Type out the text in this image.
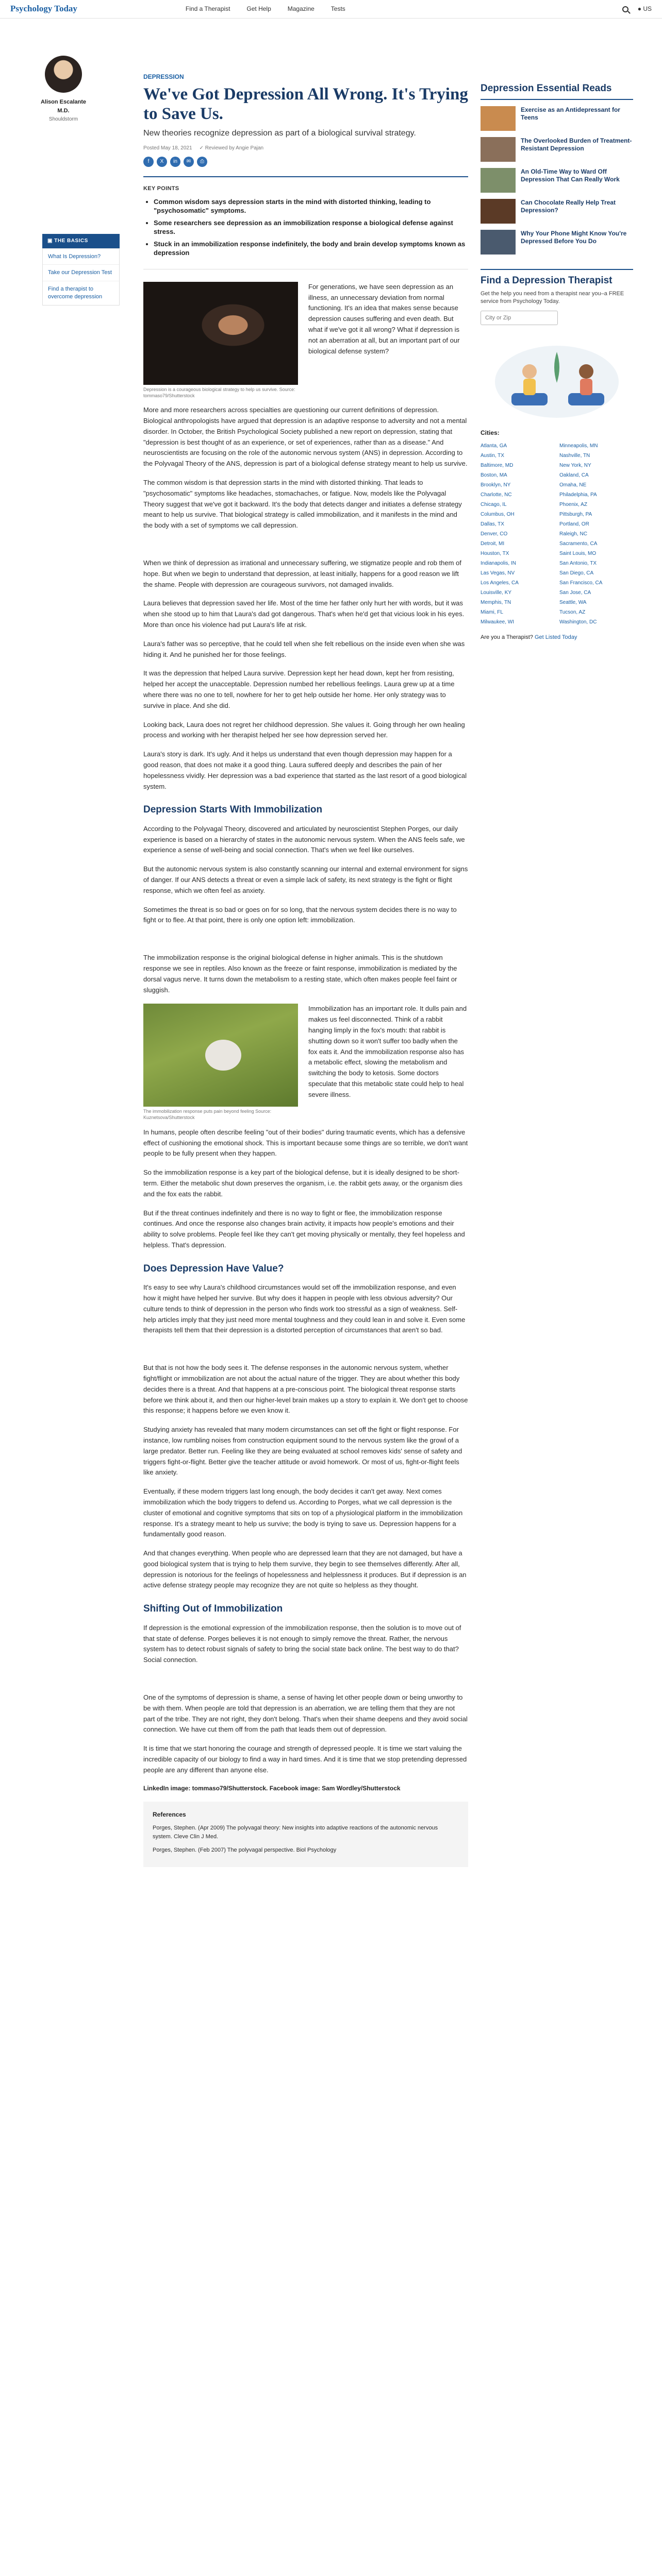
Psychology Today	Find a Therapist	Get Help	Magazine	Tests	● US
Alison Escalante M.D.
Shouldstorm
▣ THE BASICS
What Is Depression?
Take our Depression Test
Find a therapist to overcome depression
DEPRESSION
We've Got Depression All Wrong. It's Trying to Save Us.
New theories recognize depression as part of a biological survival strategy.
Posted May 18, 2021 ✓ Reviewed by Angie Pajan
f	X	in	✉	⎙
KEY POINTS
• Common wisdom says depression starts in the mind with distorted thinking, leading to "psychosomatic" symptoms.
• Some researchers see depression as an immobilization response a biological defense against stress.
• Stuck in an immobilization response indefinitely, the body and brain develop symptoms known as depression
Depression is a courageous biological strategy to help us survive. Source: tommaso79/Shutterstock

For generations, we have seen depression as an illness, an unnecessary deviation from normal functioning. It's an idea that makes sense because depression causes suffering and even death. But what if we've got it all wrong? What if depression is not an aberration at all, but an important part of our biological defense system?

More and more researchers across specialties are questioning our current definitions of depression. Biological anthropologists have argued that depression is an adaptive response to adversity and not a mental disorder. In October, the British Psychological Society published a new report on depression, stating that "depression is best thought of as an experience, or set of experiences, rather than as a disease." And neuroscientists are focusing on the role of the autonomic nervous system (ANS) in depression. According to the Polyvagal Theory of the ANS, depression is part of a biological defense strategy meant to help us survive.

The common wisdom is that depression starts in the mind with distorted thinking. That leads to "psychosomatic" symptoms like headaches, stomachaches, or fatigue. Now, models like the Polyvagal Theory suggest that we've got it backward. It's the body that detects danger and initiates a defense strategy meant to help us survive. That biological strategy is called immobilization, and it manifests in the mind and the body with a set of symptoms we call depression.

When we think of depression as irrational and unnecessary suffering, we stigmatize people and rob them of hope. But when we begin to understand that depression, at least initially, happens for a good reason we lift the shame. People with depression are courageous survivors, not damaged invalids.

Laura believes that depression saved her life. Most of the time her father only hurt her with words, but it was when she stood up to him that Laura's dad got dangerous. That's when he'd get that vicious look in his eyes. More than once his violence had put Laura's life at risk.

Laura's father was so perceptive, that he could tell when she felt rebellious on the inside even when she was hiding it. And he punished her for those feelings.

It was the depression that helped Laura survive. Depression kept her head down, kept her from resisting, helped her accept the unacceptable. Depression numbed her rebellious feelings. Laura grew up at a time where there was no one to tell, nowhere for her to get help outside her home. Her only strategy was to survive in place. And she did.

Looking back, Laura does not regret her childhood depression. She values it. Going through her own healing process and working with her therapist helped her see how depression served her.

Laura's story is dark. It's ugly. And it helps us understand that even though depression may happen for a good reason, that does not make it a good thing. Laura suffered deeply and describes the pain of her hopelessness vividly. Her depression was a bad experience that started as the last resort of a good biological system.

Depression Starts With Immobilization

According to the Polyvagal Theory, discovered and articulated by neuroscientist Stephen Porges, our daily experience is based on a hierarchy of states in the autonomic nervous system. When the ANS feels safe, we experience a sense of well-being and social connection. That's when we feel like ourselves.

But the autonomic nervous system is also constantly scanning our internal and external environment for signs of danger. If our ANS detects a threat or even a simple lack of safety, its next strategy is the fight or flight response, which we often feel as anxiety.

Sometimes the threat is so bad or goes on for so long, that the nervous system decides there is no way to fight or to flee. At that point, there is only one option left: immobilization.

The immobilization response is the original biological defense in higher animals. This is the shutdown response we see in reptiles. Also known as the freeze or faint response, immobilization is mediated by the dorsal vagus nerve. It turns down the metabolism to a resting state, which often makes people feel faint or sluggish.

The immobilization response puts pain beyond feeling Source: Kuznetsova/Shutterstock

Immobilization has an important role. It dulls pain and makes us feel disconnected. Think of a rabbit hanging limply in the fox's mouth: that rabbit is shutting down so it won't suffer too badly when the fox eats it. And the immobilization response also has a metabolic effect, slowing the metabolism and switching the body to ketosis. Some doctors speculate that this metabolic state could help to heal severe illness.

In humans, people often describe feeling "out of their bodies" during traumatic events, which has a defensive effect of cushioning the emotional shock. This is important because some things are so terrible, we don't want people to be fully present when they happen.

So the immobilization response is a key part of the biological defense, but it is ideally designed to be short-term. Either the metabolic shut down preserves the organism, i.e. the rabbit gets away, or the organism dies and the fox eats the rabbit.

But if the threat continues indefinitely and there is no way to fight or flee, the immobilization response continues. And once the response also changes brain activity, it impacts how people's emotions and their ability to solve problems. People feel like they can't get moving physically or mentally, they feel hopeless and helpless. That's depression.

Does Depression Have Value?

It's easy to see why Laura's childhood circumstances would set off the immobilization response, and even how it might have helped her survive. But why does it happen in people with less obvious adversity? Our culture tends to think of depression in the person who finds work too stressful as a sign of weakness. Self-help articles imply that they just need more mental toughness and they could lean in and solve it. Even some therapists tell them that their depression is a distorted perception of circumstances that aren't so bad.

But that is not how the body sees it. The defense responses in the autonomic nervous system, whether fight/flight or immobilization are not about the actual nature of the trigger. They are about whether this body decides there is a threat. And that happens at a pre-conscious point. The biological threat response starts before we think about it, and then our higher-level brain makes up a story to explain it. We don't get to choose this response; it happens before we even know it.

Studying anxiety has revealed that many modern circumstances can set off the fight or flight response. For instance, low rumbling noises from construction equipment sound to the nervous system like the growl of a large predator. Better run. Feeling like they are being evaluated at school removes kids' sense of safety and triggers fight-or-flight. Better give the teacher attitude or avoid homework. Or most of us, fight-or-flight feels like anxiety.

Eventually, if these modern triggers last long enough, the body decides it can't get away. Next comes immobilization which the body triggers to defend us. According to Porges, what we call depression is the cluster of emotional and cognitive symptoms that sits on top of a physiological platform in the immobilization response. It's a strategy meant to help us survive; the body is trying to save us. Depression happens for a fundamentally good reason.

And that changes everything. When people who are depressed learn that they are not damaged, but have a good biological system that is trying to help them survive, they begin to see themselves differently. After all, depression is notorious for the feelings of hopelessness and helplessness it produces. But if depression is an active defense strategy people may recognize they are not quite so helpless as they thought.

Shifting Out of Immobilization

If depression is the emotional expression of the immobilization response, then the solution is to move out of that state of defense. Porges believes it is not enough to simply remove the threat. Rather, the nervous system has to detect robust signals of safety to bring the social state back online. The best way to do that? Social connection.

One of the symptoms of depression is shame, a sense of having let other people down or being unworthy to be with them. When people are told that depression is an aberration, we are telling them that they are not part of the tribe. They are not right, they don't belong. That's when their shame deepens and they avoid social connection. We have cut them off from the path that leads them out of depression.

It is time that we start honoring the courage and strength of depressed people. It is time we start valuing the incredible capacity of our biology to find a way in hard times. And it is time that we stop pretending depressed people are any different than anyone else.

LinkedIn image: tommaso79/Shutterstock. Facebook image: Sam Wordley/Shutterstock
References

Porges, Stephen. (Apr 2009) The polyvagal theory: New insights into adaptive reactions of the autonomic nervous system. Cleve Clin J Med.

Porges, Stephen. (Feb 2007) The polyvagal perspective. Biol Psychology

Depression Essential Reads
Exercise as an Antidepressant for Teens
The Overlooked Burden of Treatment-Resistant Depression
An Old-Time Way to Ward Off Depression That Can Really Work
Can Chocolate Really Help Treat Depression?
Why Your Phone Might Know You're Depressed Before You Do
Find a Depression Therapist
Get the help you need from a therapist near you–a FREE service from Psychology Today.
City or Zip
Cities:
Atlanta, GA	Minneapolis, MN
Austin, TX	Nashville, TN
Baltimore, MD	New York, NY
Boston, MA	Oakland, CA
Brooklyn, NY	Omaha, NE
Charlotte, NC	Philadelphia, PA
Chicago, IL	Phoenix, AZ
Columbus, OH	Pittsburgh, PA
Dallas, TX	Portland, OR
Denver, CO	Raleigh, NC
Detroit, MI	Sacramento, CA
Houston, TX	Saint Louis, MO
Indianapolis, IN	San Antonio, TX
Las Vegas, NV	San Diego, CA
Los Angeles, CA	San Francisco, CA
Louisville, KY	San Jose, CA
Memphis, TN	Seattle, WA
Miami, FL	Tucson, AZ
Milwaukee, WI	Washington, DC
Are you a Therapist? Get Listed Today
